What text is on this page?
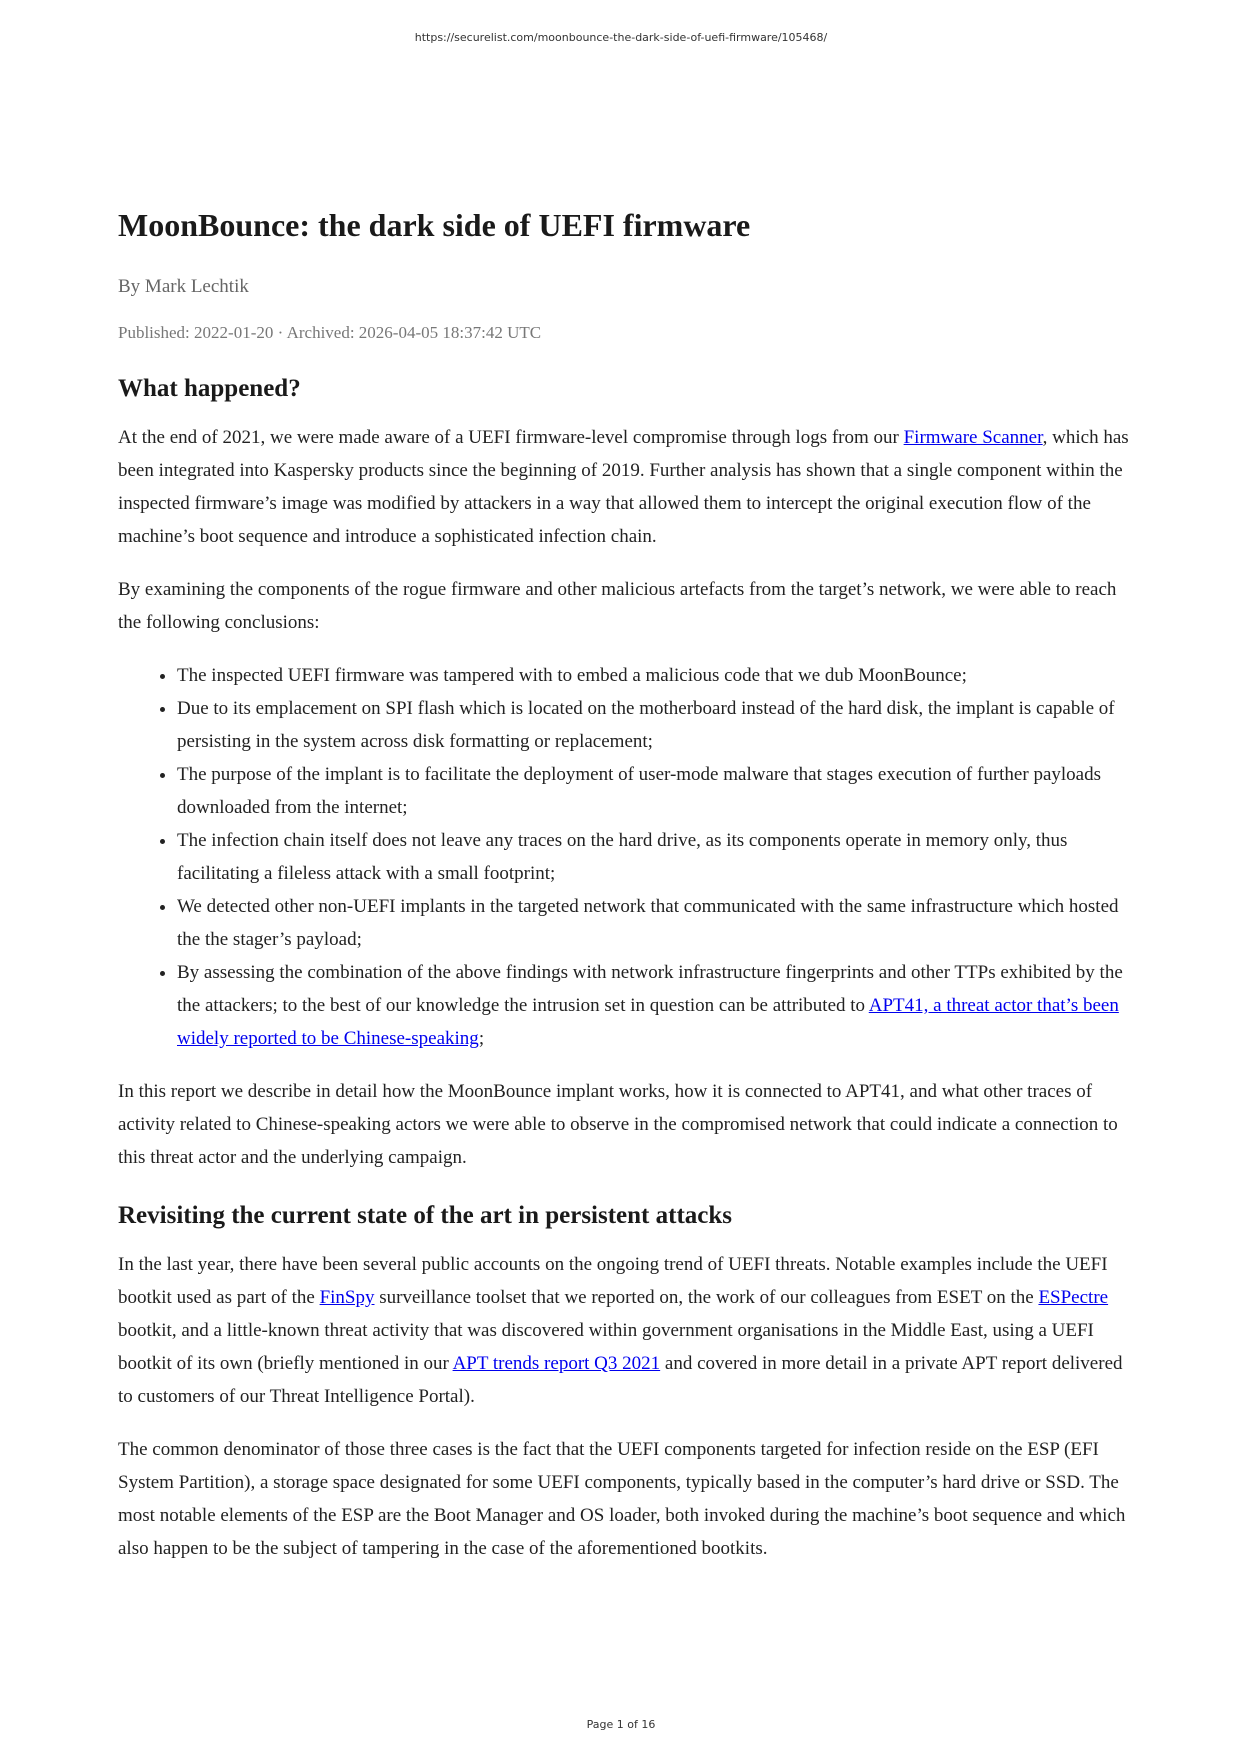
https://securelist.com/moonbounce-the-dark-side-of-uefi-firmware/105468/
MoonBounce: the dark side of UEFI firmware
By Mark Lechtik
Published: 2022-01-20 · Archived: 2026-04-05 18:37:42 UTC
What happened?

At the end of 2021, we were made aware of a UEFI firmware-level compromise through logs from our Firmware Scanner, which has been integrated into Kaspersky products since the beginning of 2019. Further analysis has shown that a single component within the inspected firmware’s image was modified by attackers in a way that allowed them to intercept the original execution flow of the machine’s boot sequence and introduce a sophisticated infection chain.

By examining the components of the rogue firmware and other malicious artefacts from the target’s network, we were able to reach the following conclusions:

• The inspected UEFI firmware was tampered with to embed a malicious code that we dub MoonBounce;
• Due to its emplacement on SPI flash which is located on the motherboard instead of the hard disk, the implant is capable of persisting in the system across disk formatting or replacement;
• The purpose of the implant is to facilitate the deployment of user-mode malware that stages execution of further payloads downloaded from the internet;
• The infection chain itself does not leave any traces on the hard drive, as its components operate in memory only, thus facilitating a fileless attack with a small footprint;
• We detected other non-UEFI implants in the targeted network that communicated with the same infrastructure which hosted the the stager’s payload;
• By assessing the combination of the above findings with network infrastructure fingerprints and other TTPs exhibited by the the attackers; to the best of our knowledge the intrusion set in question can be attributed to APT41, a threat actor that’s been widely reported to be Chinese-speaking;

In this report we describe in detail how the MoonBounce implant works, how it is connected to APT41, and what other traces of activity related to Chinese-speaking actors we were able to observe in the compromised network that could indicate a connection to this threat actor and the underlying campaign.

Revisiting the current state of the art in persistent attacks

In the last year, there have been several public accounts on the ongoing trend of UEFI threats. Notable examples include the UEFI bootkit used as part of the FinSpy surveillance toolset that we reported on, the work of our colleagues from ESET on the ESPectre bootkit, and a little-known threat activity that was discovered within government organisations in the Middle East, using a UEFI bootkit of its own (briefly mentioned in our APT trends report Q3 2021 and covered in more detail in a private APT report delivered to customers of our Threat Intelligence Portal).

The common denominator of those three cases is the fact that the UEFI components targeted for infection reside on the ESP (EFI System Partition), a storage space designated for some UEFI components, typically based in the computer’s hard drive or SSD. The most notable elements of the ESP are the Boot Manager and OS loader, both invoked during the machine’s boot sequence and which also happen to be the subject of tampering in the case of the aforementioned bootkits.

Page 1 of 16
